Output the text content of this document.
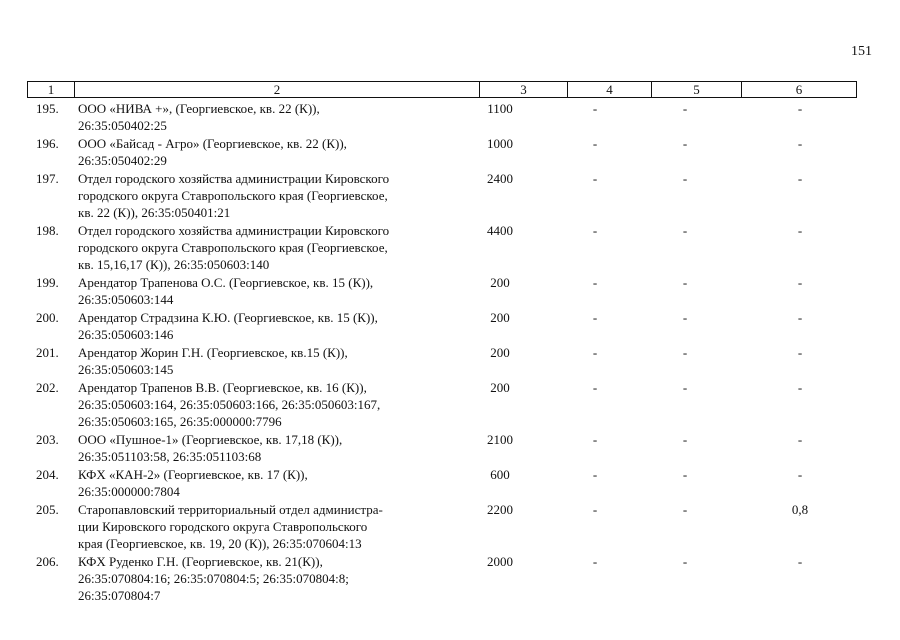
151
1	2	3	4	5	6
195.	ООО «НИВА +», (Георгиевское, кв. 22 (К)),
26:35:050402:25
1100	-	-	-
196.	ООО «Байсад - Агро» (Георгиевское, кв. 22 (К)),
26:35:050402:29
1000	-	-	-
197.	Отдел городского хозяйства администрации Кировского
городского округа Ставропольского края (Георгиевское,
кв. 22 (К)), 26:35:050401:21
2400	-	-	-
198.	Отдел городского хозяйства администрации Кировского
городского округа Ставропольского края (Георгиевское,
кв. 15,16,17 (К)), 26:35:050603:140
4400	-	-	-
199.	Арендатор Трапенова О.С. (Георгиевское, кв. 15 (К)),
26:35:050603:144
200	-	-	-
200.	Арендатор Страдзина К.Ю. (Георгиевское, кв. 15 (К)),
26:35:050603:146
200	-	-	-
201.	Арендатор Жорин Г.Н. (Георгиевское, кв.15 (К)),
26:35:050603:145
200	-	-	-
202.	Арендатор Трапенов В.В. (Георгиевское, кв. 16 (К)),
26:35:050603:164, 26:35:050603:166, 26:35:050603:167,
26:35:050603:165, 26:35:000000:7796
200	-	-	-
203.	ООО «Пушное-1» (Георгиевское, кв. 17,18 (К)),
26:35:051103:58, 26:35:051103:68
2100	-	-	-
204.	КФХ «КАН-2» (Георгиевское, кв. 17 (К)),
26:35:000000:7804
600	-	-	-
205.	Старопавловский территориальный отдел администра-
ции Кировского городского округа Ставропольского
края (Георгиевское, кв. 19, 20 (К)), 26:35:070604:13
2200	-	-	0,8
206.	КФХ Руденко Г.Н. (Георгиевское, кв. 21(К)),
26:35:070804:16; 26:35:070804:5; 26:35:070804:8;
26:35:070804:7
2000	-	-	-
